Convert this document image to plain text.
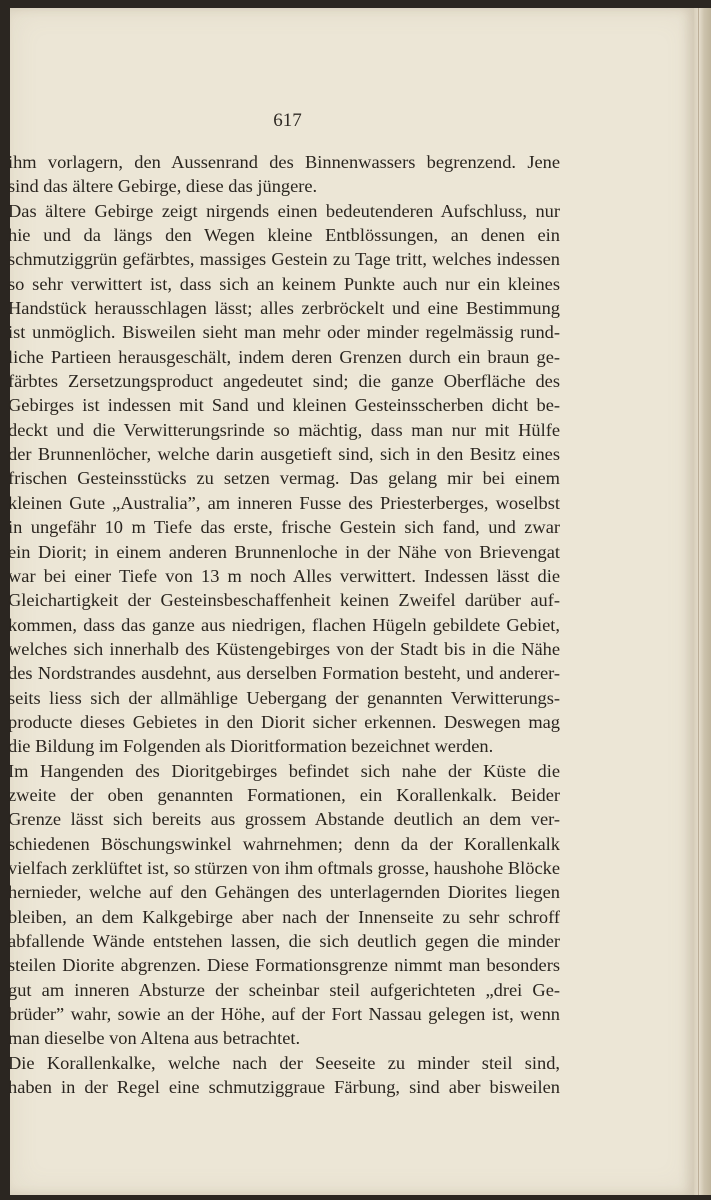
617
ihm vorlagern, den Aussenrand des Binnenwassers begrenzend. Jene
sind das ältere Gebirge, diese das jüngere.
Das ältere Gebirge zeigt nirgends einen bedeutenderen Aufschluss, nur
hie und da längs den Wegen kleine Entblössungen, an denen ein
schmutziggrün gefärbtes, massiges Gestein zu Tage tritt, welches indessen
so sehr verwittert ist, dass sich an keinem Punkte auch nur ein kleines
Handstück herausschlagen lässt; alles zerbröckelt und eine Bestimmung
ist unmöglich. Bisweilen sieht man mehr oder minder regelmässig rund-
liche Partieen herausgeschält, indem deren Grenzen durch ein braun ge-
färbtes Zersetzungsproduct angedeutet sind; die ganze Oberfläche des
Gebirges ist indessen mit Sand und kleinen Gesteinsscherben dicht be-
deckt und die Verwitterungsrinde so mächtig, dass man nur mit Hülfe
der Brunnenlöcher, welche darin ausgetieft sind, sich in den Besitz eines
frischen Gesteinsstücks zu setzen vermag. Das gelang mir bei einem
kleinen Gute „Australia”, am inneren Fusse des Priesterberges, woselbst
in ungefähr 10 m Tiefe das erste, frische Gestein sich fand, und zwar
ein Diorit; in einem anderen Brunnenloche in der Nähe von Brievengat
war bei einer Tiefe von 13 m noch Alles verwittert. Indessen lässt die
Gleichartigkeit der Gesteinsbeschaffenheit keinen Zweifel darüber auf-
kommen, dass das ganze aus niedrigen, flachen Hügeln gebildete Gebiet,
welches sich innerhalb des Küstengebirges von der Stadt bis in die Nähe
des Nordstrandes ausdehnt, aus derselben Formation besteht, und anderer-
seits liess sich der allmählige Uebergang der genannten Verwitterungs-
producte dieses Gebietes in den Diorit sicher erkennen. Deswegen mag
die Bildung im Folgenden als Dioritformation bezeichnet werden.
Im Hangenden des Dioritgebirges befindet sich nahe der Küste die
zweite der oben genannten Formationen, ein Korallenkalk. Beider
Grenze lässt sich bereits aus grossem Abstande deutlich an dem ver-
schiedenen Böschungswinkel wahrnehmen; denn da der Korallenkalk
vielfach zerklüftet ist, so stürzen von ihm oftmals grosse, haushohe Blöcke
hernieder, welche auf den Gehängen des unterlagernden Diorites liegen
bleiben, an dem Kalkgebirge aber nach der Innenseite zu sehr schroff
abfallende Wände entstehen lassen, die sich deutlich gegen die minder
steilen Diorite abgrenzen. Diese Formationsgrenze nimmt man besonders
gut am inneren Absturze der scheinbar steil aufgerichteten „drei Ge-
brüder” wahr, sowie an der Höhe, auf der Fort Nassau gelegen ist, wenn
man dieselbe von Altena aus betrachtet.
Die Korallenkalke, welche nach der Seeseite zu minder steil sind,
haben in der Regel eine schmutziggraue Färbung, sind aber bisweilen
